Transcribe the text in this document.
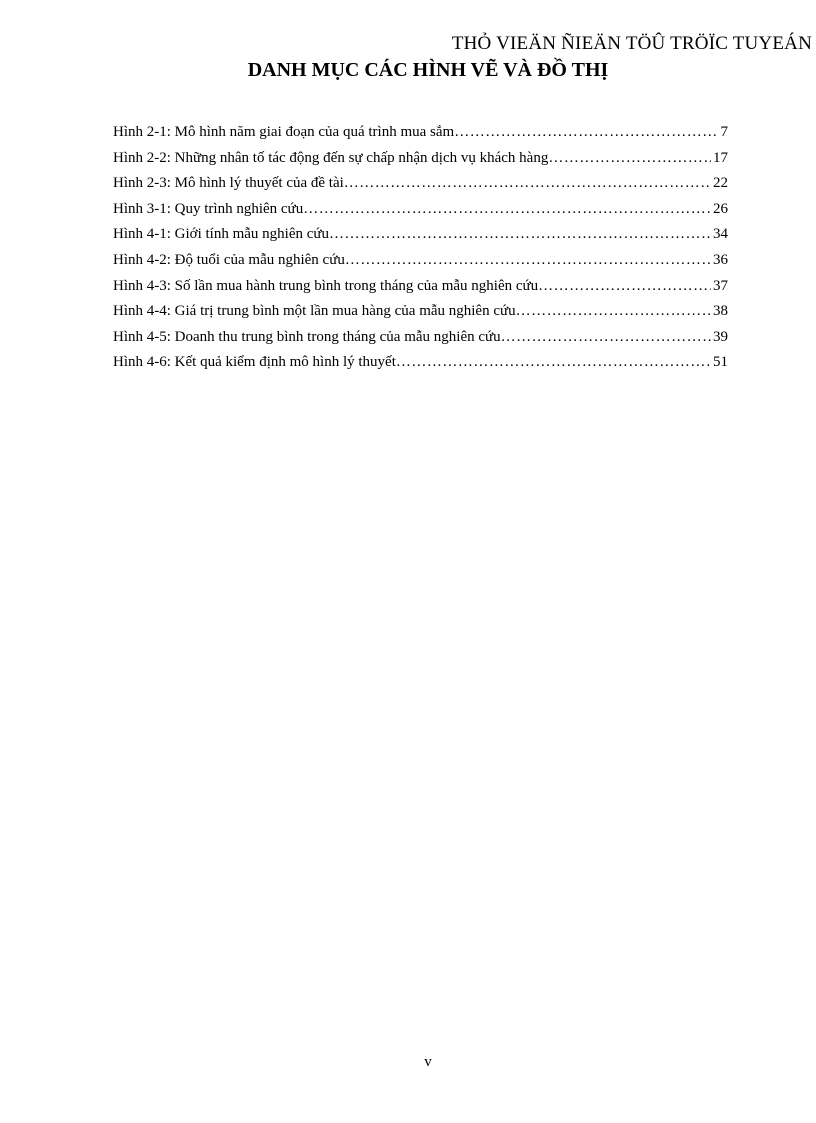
THỎ VIEÄN ÑIEÄN TÖÛ TRÖÏC TUYEÁN
DANH MỤC CÁC HÌNH VẼ VÀ ĐỒ THỊ
Hình 2-1: Mô hình năm giai đoạn của quá trình mua sắm ………………………………………………………………………………………………………………………………………………………………………………	7
Hình 2-2: Những nhân tố tác động đến sự chấp nhận dịch vụ khách hàng ………………………………………………………………………………………………………………………………………………………………………………	17
Hình 2-3: Mô hình lý thuyết của đề tài ………………………………………………………………………………………………………………………………………………………………………………	22
Hình 3-1: Quy trình nghiên cứu ………………………………………………………………………………………………………………………………………………………………………………	26
Hình 4-1: Giới tính mẫu nghiên cứu ………………………………………………………………………………………………………………………………………………………………………………	34
Hình 4-2: Độ tuổi của mẫu nghiên cứu ………………………………………………………………………………………………………………………………………………………………………………	36
Hình 4-3: Số lần mua hành trung bình trong tháng của mẫu nghiên cứu ………………………………………………………………………………………………………………………………………………………………………………	37
Hình 4-4: Giá trị trung bình một lần mua hàng của mẫu nghiên cứu ………………………………………………………………………………………………………………………………………………………………………………	38
Hình 4-5: Doanh thu trung bình trong tháng của mẫu nghiên cứu ………………………………………………………………………………………………………………………………………………………………………………	39
Hình 4-6: Kết quả kiểm định mô hình lý thuyết ………………………………………………………………………………………………………………………………………………………………………………	51
v
